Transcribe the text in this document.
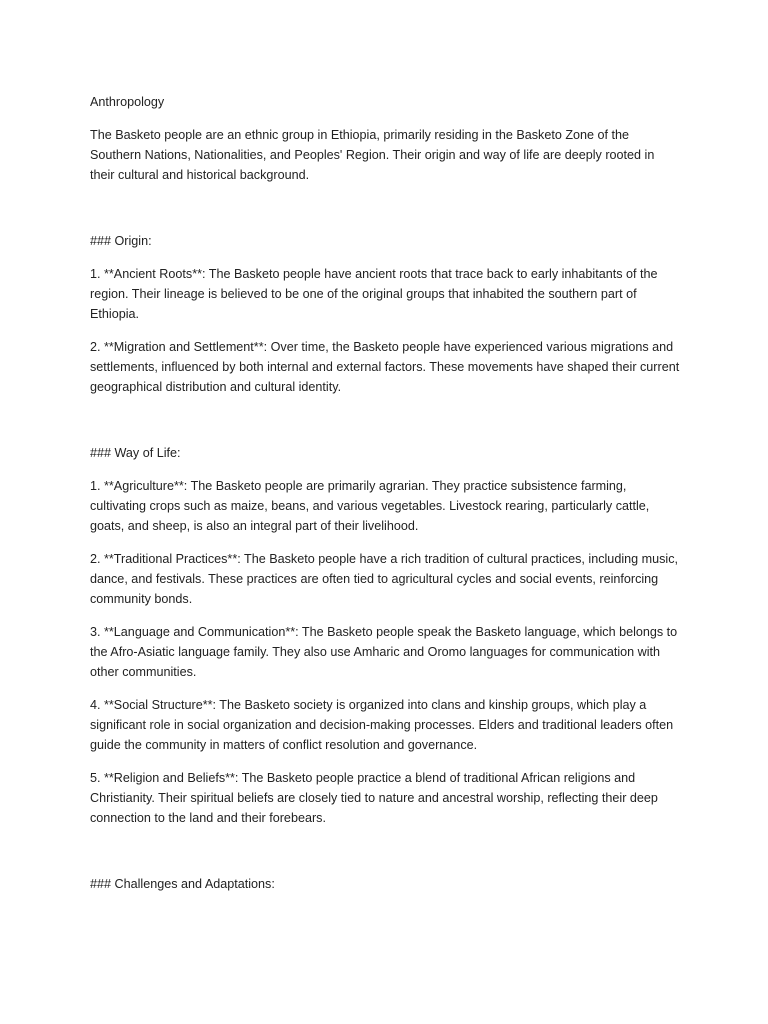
Anthropology

The Basketo people are an ethnic group in Ethiopia, primarily residing in the Basketo Zone of the Southern Nations, Nationalities, and Peoples' Region. Their origin and way of life are deeply rooted in their cultural and historical background.

### Origin:

1. **Ancient Roots**: The Basketo people have ancient roots that trace back to early inhabitants of the region. Their lineage is believed to be one of the original groups that inhabited the southern part of Ethiopia.

2. **Migration and Settlement**: Over time, the Basketo people have experienced various migrations and settlements, influenced by both internal and external factors. These movements have shaped their current geographical distribution and cultural identity.

### Way of Life:

1. **Agriculture**: The Basketo people are primarily agrarian. They practice subsistence farming, cultivating crops such as maize, beans, and various vegetables. Livestock rearing, particularly cattle, goats, and sheep, is also an integral part of their livelihood.

2. **Traditional Practices**: The Basketo people have a rich tradition of cultural practices, including music, dance, and festivals. These practices are often tied to agricultural cycles and social events, reinforcing community bonds.

3. **Language and Communication**: The Basketo people speak the Basketo language, which belongs to the Afro-Asiatic language family. They also use Amharic and Oromo languages for communication with other communities.

4. **Social Structure**: The Basketo society is organized into clans and kinship groups, which play a significant role in social organization and decision-making processes. Elders and traditional leaders often guide the community in matters of conflict resolution and governance.

5. **Religion and Beliefs**: The Basketo people practice a blend of traditional African religions and Christianity. Their spiritual beliefs are closely tied to nature and ancestral worship, reflecting their deep connection to the land and their forebears.

### Challenges and Adaptations:
